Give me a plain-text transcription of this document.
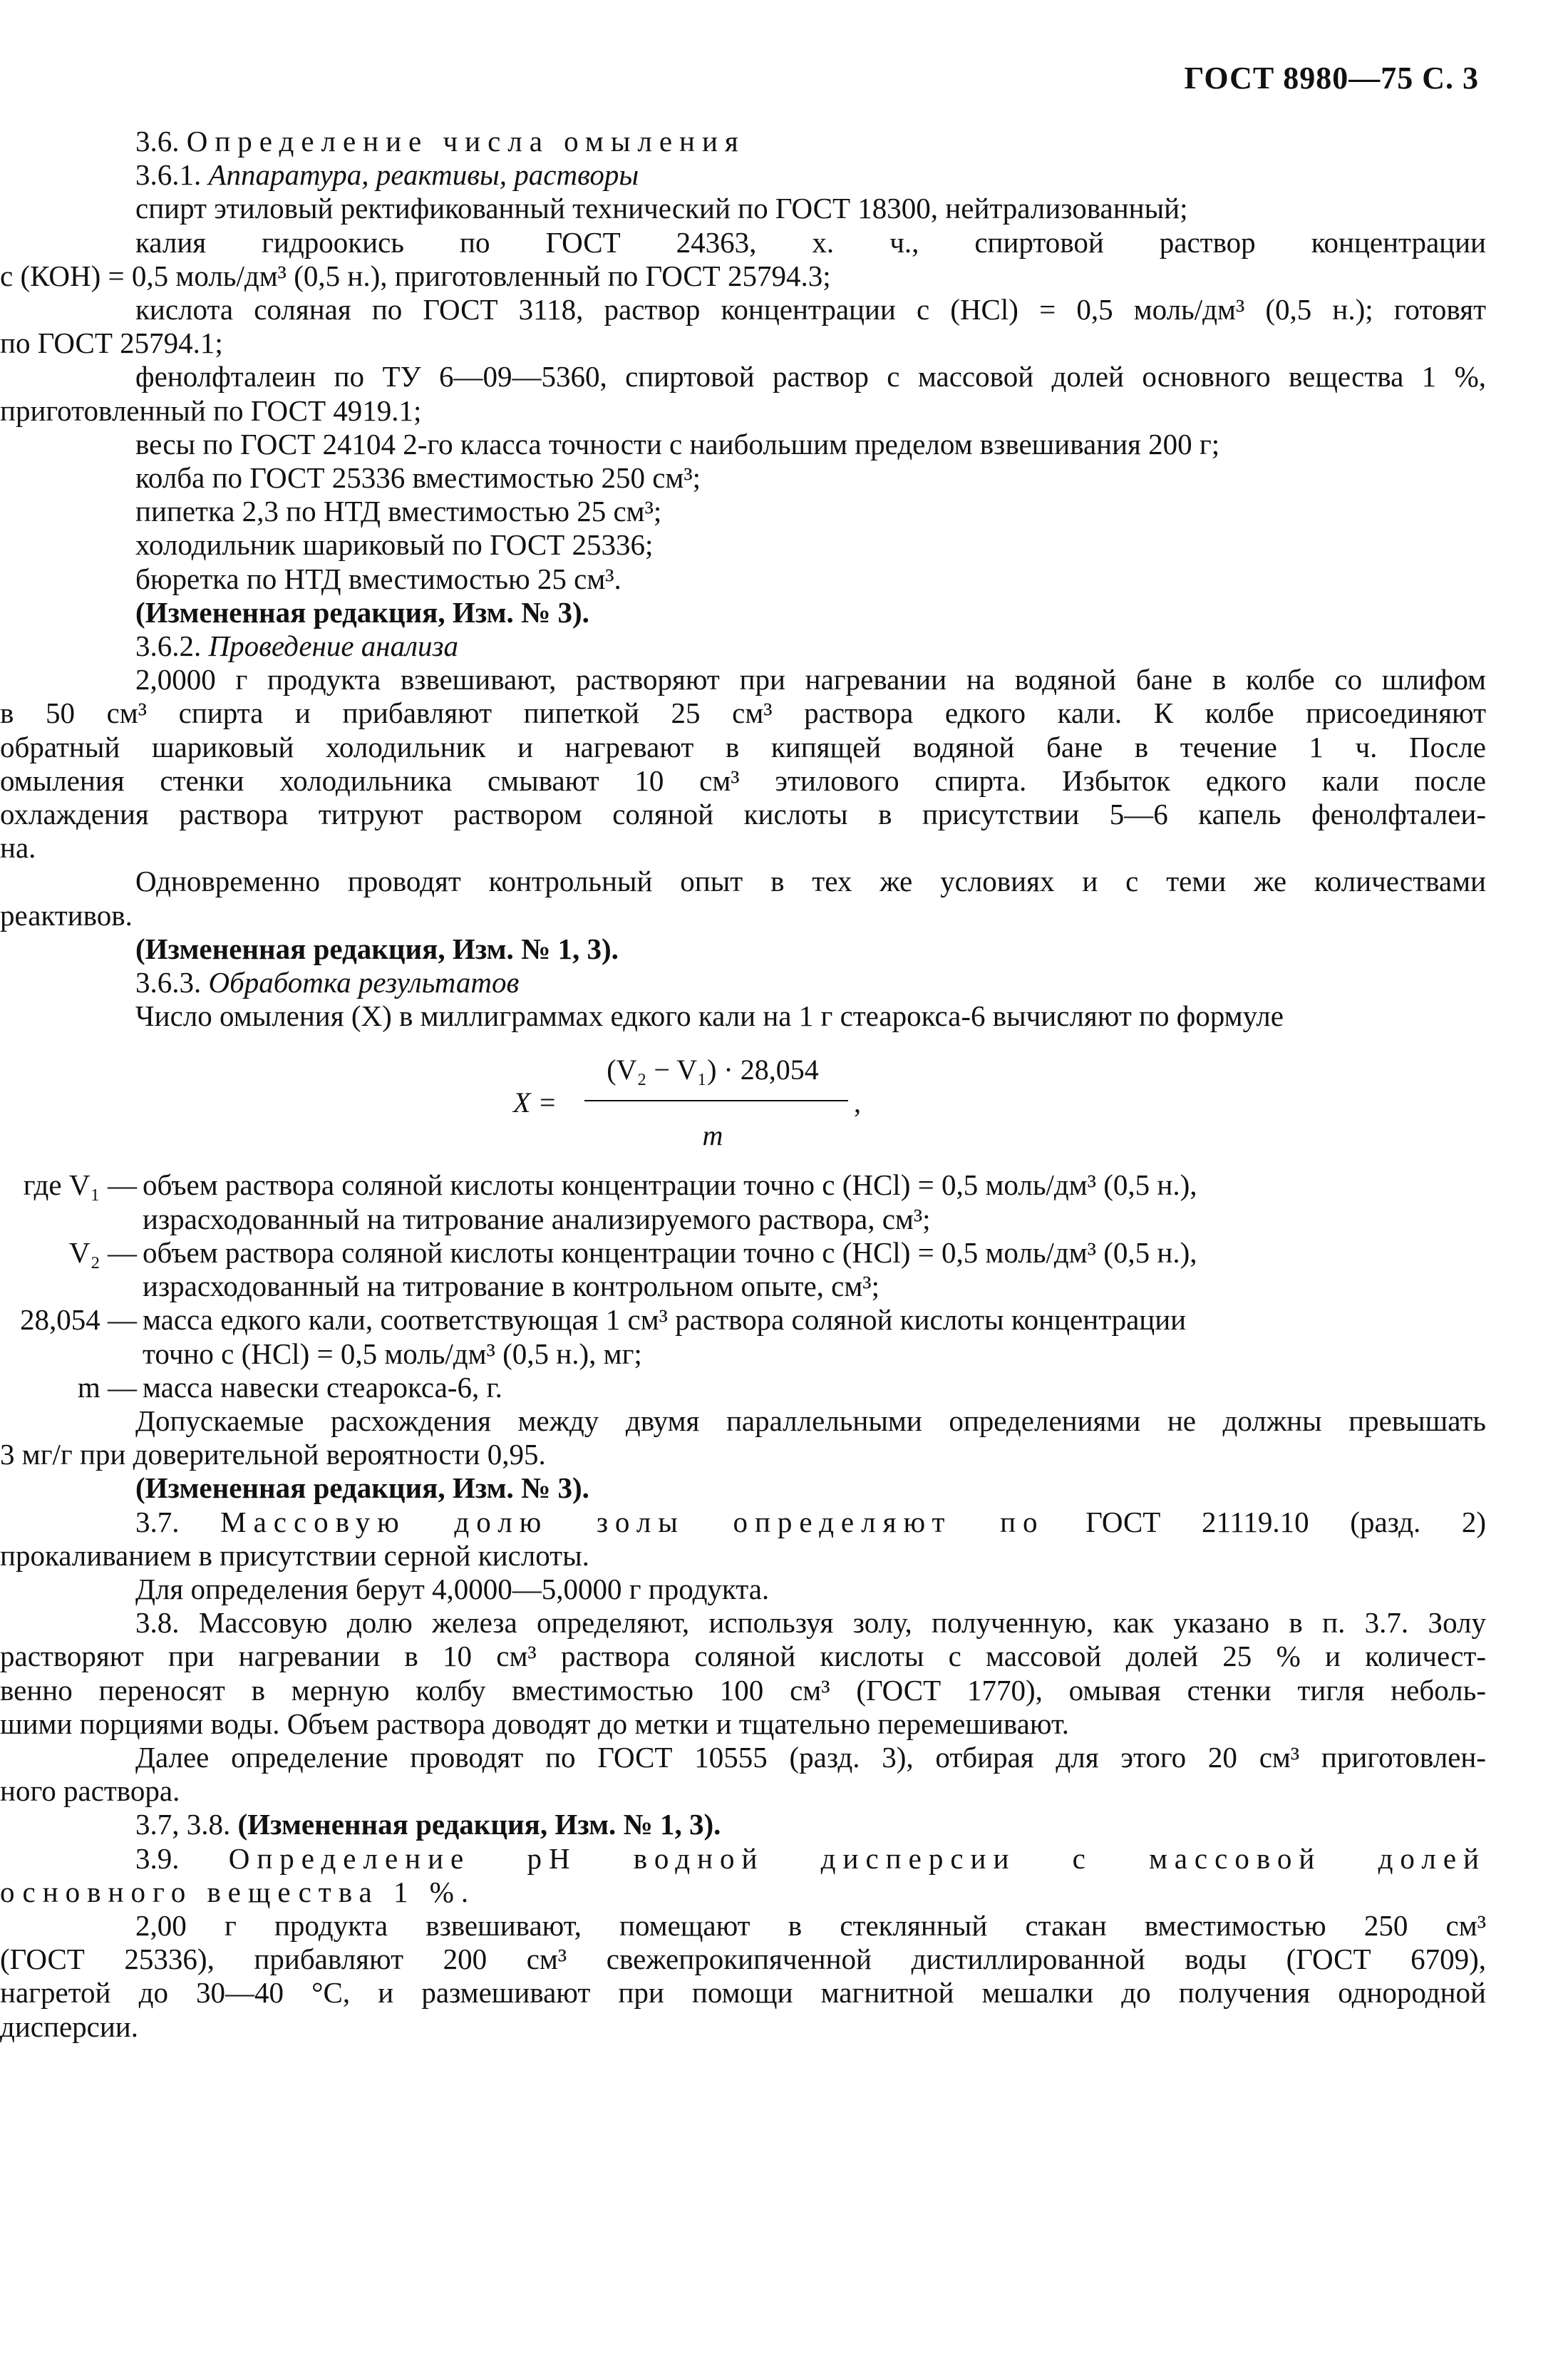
ГОСТ 8980—75 С. 3

3.6. Определение числа омыления

3.6.1. Аппаратура, реактивы, растворы

спирт этиловый ректификованный технический по ГОСТ 18300, нейтрализованный;

калия гидроокись по ГОСТ 24363, х. ч., спиртовой раствор концентрации

с (КОН) = 0,5 моль/дм³ (0,5 н.), приготовленный по ГОСТ 25794.3;

кислота соляная по ГОСТ 3118, раствор концентрации с (HCl) = 0,5 моль/дм³ (0,5 н.); готовят

по ГОСТ 25794.1;

фенолфталеин по ТУ 6—09—5360, спиртовой раствор с массовой долей основного вещества 1 %,

приготовленный по ГОСТ 4919.1;

весы по ГОСТ 24104 2-го класса точности с наибольшим пределом взвешивания 200 г;

колба по ГОСТ 25336 вместимостью 250 см³;

пипетка 2,3 по НТД вместимостью 25 см³;

холодильник шариковый по ГОСТ 25336;

бюретка по НТД вместимостью 25 см³.

(Измененная редакция, Изм. № 3).

3.6.2. Проведение анализа

2,0000 г продукта взвешивают, растворяют при нагревании на водяной бане в колбе со шлифом

в 50 см³ спирта и прибавляют пипеткой 25 см³ раствора едкого кали. К колбе присоединяют

обратный шариковый холодильник и нагревают в кипящей водяной бане в течение 1 ч. После

омыления стенки холодильника смывают 10 см³ этилового спирта. Избыток едкого кали после

охлаждения раствора титруют раствором соляной кислоты в присутствии 5—6 капель фенолфталеи-

на.

Одновременно проводят контрольный опыт в тех же условиях и с теми же количествами

реактивов.

(Измененная редакция, Изм. № 1, 3).

3.6.3. Обработка результатов

Число омыления (X) в миллиграммах едкого кали на 1 г стеарокса-6 вычисляют по формуле

X =
(V₂ − V₁) · 28,054
m
,
где V₁ — объем раствора соляной кислоты концентрации точно с (HCl) = 0,5 моль/дм³ (0,5 н.),
израсходованный на титрование анализируемого раствора, см³;
V₂ — объем раствора соляной кислоты концентрации точно с (HCl) = 0,5 моль/дм³ (0,5 н.),
израсходованный на титрование в контрольном опыте, см³;
28,054 — масса едкого кали, соответствующая 1 см³ раствора соляной кислоты концентрации
точно с (HCl) = 0,5 моль/дм³ (0,5 н.), мг;
m — масса навески стеарокса-6, г.

Допускаемые расхождения между двумя параллельными определениями не должны превышать

3 мг/г при доверительной вероятности 0,95.

(Измененная редакция, Изм. № 3).

3.7. Массовую долю золы определяют по ГОСТ 21119.10 (разд. 2)

прокаливанием в присутствии серной кислоты.

Для определения берут 4,0000—5,0000 г продукта.

3.8. Массовую долю железа определяют, используя золу, полученную, как указано в п. 3.7. Золу

растворяют при нагревании в 10 см³ раствора соляной кислоты с массовой долей 25 % и количест-

венно переносят в мерную колбу вместимостью 100 см³ (ГОСТ 1770), омывая стенки тигля неболь-

шими порциями воды. Объем раствора доводят до метки и тщательно перемешивают.

Далее определение проводят по ГОСТ 10555 (разд. 3), отбирая для этого 20 см³ приготовлен-

ного раствора.

3.7, 3.8. (Измененная редакция, Изм. № 1, 3).

3.9. Определение pH водной дисперсии с массовой долей

основного вещества 1 %.

2,00 г продукта взвешивают, помещают в стеклянный стакан вместимостью 250 см³

(ГОСТ 25336), прибавляют 200 см³ свежепрокипяченной дистиллированной воды (ГОСТ 6709),

нагретой до 30—40 °С, и размешивают при помощи магнитной мешалки до получения однородной

дисперсии.
